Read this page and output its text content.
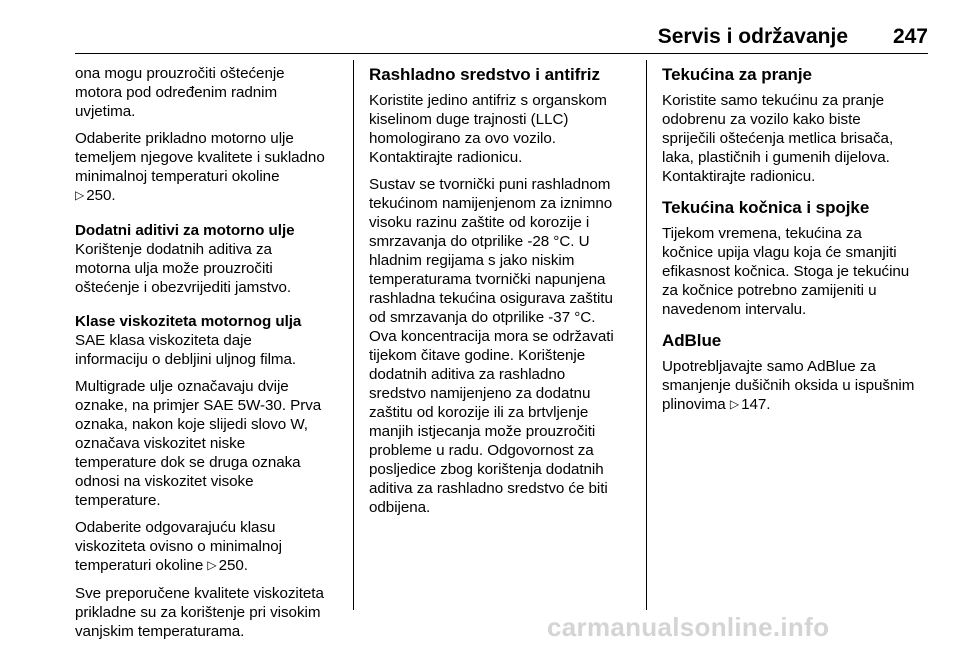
Servis i održavanje 247

ona mogu prouzročiti oštećenje
motora pod određenim radnim
uvjetima.

Odaberite prikladno motorno ulje
temeljem njegove kvalitete i sukladno
minimalnoj temperaturi okoline
▷ 250.

Dodatni aditivi za motorno ulje

Korištenje dodatnih aditiva za
motorna ulja može prouzročiti
oštećenje i obezvrijediti jamstvo.

Klase viskoziteta motornog ulja

SAE klasa viskoziteta daje
informaciju o debljini uljnog filma.

Multigrade ulje označavaju dvije
oznake, na primjer SAE 5W-30. Prva
oznaka, nakon koje slijedi slovo W,
označava viskozitet niske
temperature dok se druga oznaka
odnosi na viskozitet visoke
temperature.

Odaberite odgovarajuću klasu
viskoziteta ovisno o minimalnoj
temperaturi okoline ▷ 250.

Sve preporučene kvalitete viskoziteta
prikladne su za korištenje pri visokim
vanjskim temperaturama.

Rashladno sredstvo i antifriz

Koristite jedino antifriz s organskom
kiselinom duge trajnosti (LLC)
homologirano za ovo vozilo.
Kontaktirajte radionicu.

Sustav se tvornički puni rashladnom
tekućinom namijenjenom za iznimno
visoku razinu zaštite od korozije i
smrzavanja do otprilike -28 °C. U
hladnim regijama s jako niskim
temperaturama tvornički napunjena
rashladna tekućina osigurava zaštitu
od smrzavanja do otprilike -37 °C.
Ova koncentracija mora se održavati
tijekom čitave godine. Korištenje
dodatnih aditiva za rashladno
sredstvo namijenjeno za dodatnu
zaštitu od korozije ili za brtvljenje
manjih istjecanja može prouzročiti
probleme u radu. Odgovornost za
posljedice zbog korištenja dodatnih
aditiva za rashladno sredstvo će biti
odbijena.

Tekućina za pranje

Koristite samo tekućinu za pranje
odobrenu za vozilo kako biste
spriječili oštećenja metlica brisača,
laka, plastičnih i gumenih dijelova.
Kontaktirajte radionicu.

Tekućina kočnica i spojke

Tijekom vremena, tekućina za
kočnice upija vlagu koja će smanjiti
efikasnost kočnica. Stoga je tekućinu
za kočnice potrebno zamijeniti u
navedenom intervalu.

AdBlue

Upotrebljavajte samo AdBlue za
smanjenje dušičnih oksida u ispušnim
plinovima ▷ 147.

carmanualsonline.info
